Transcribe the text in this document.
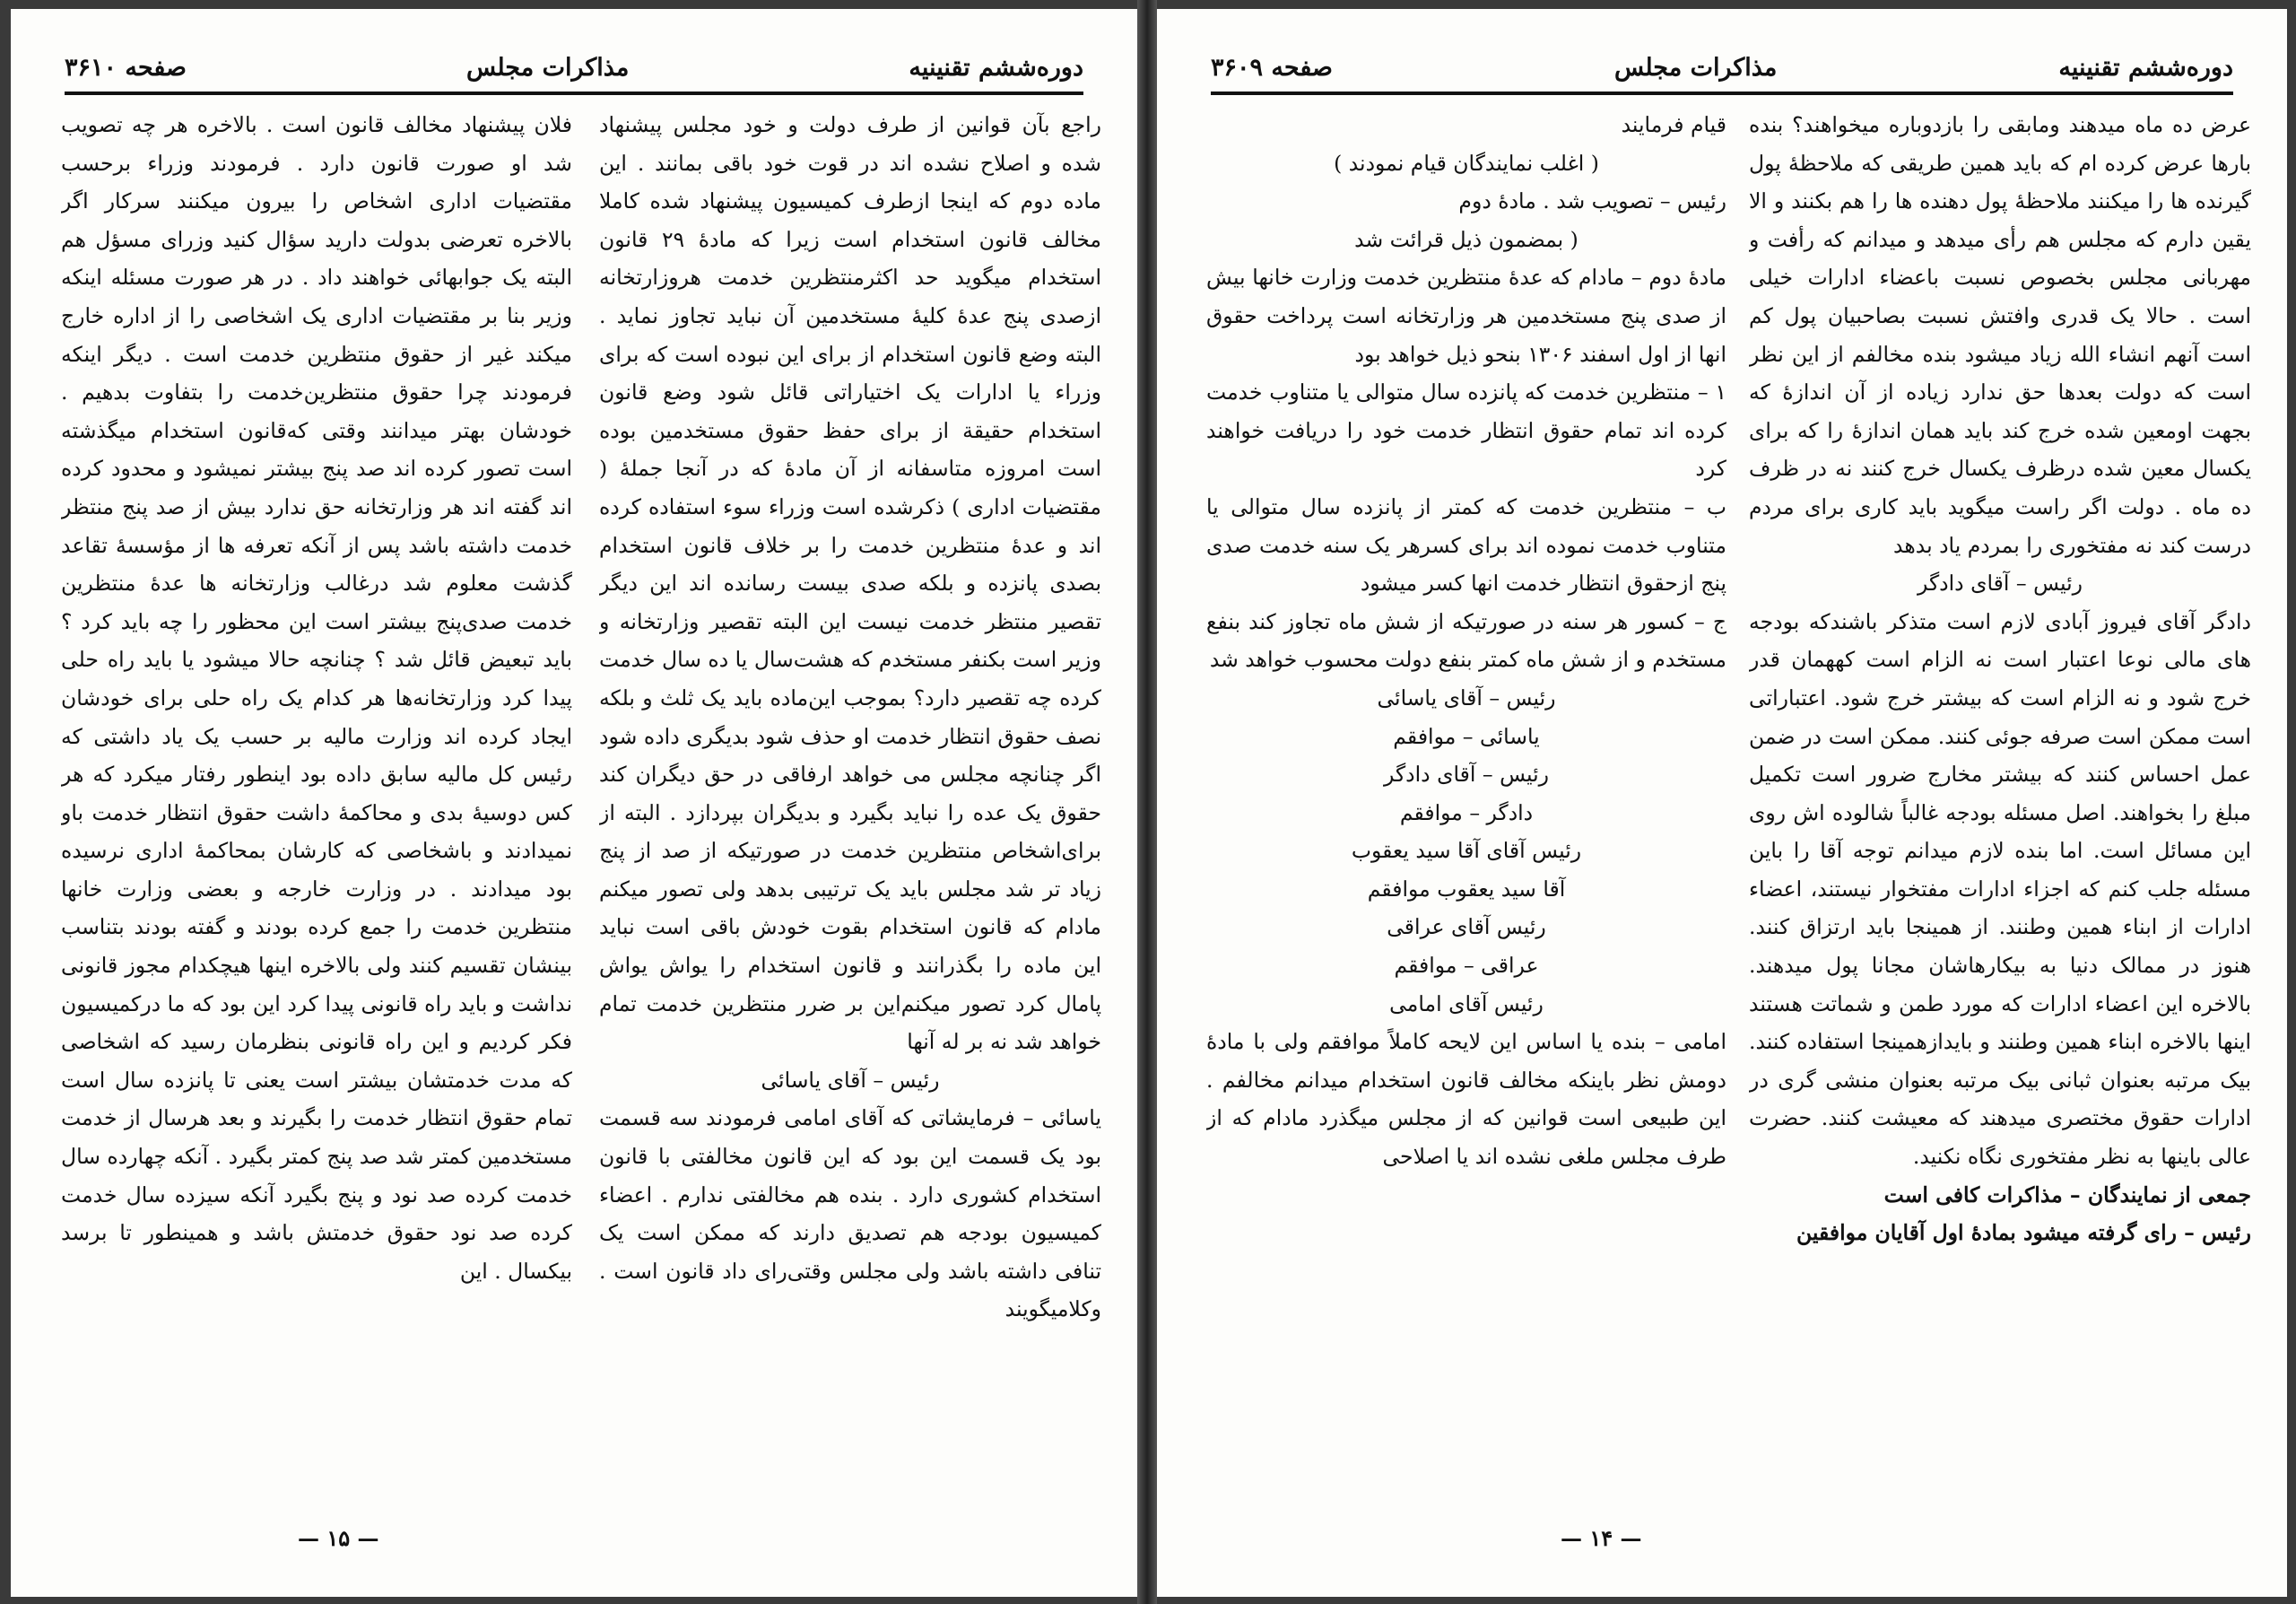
دوره‌ششم تقنینیه
مذاکرات مجلس
صفحه ۳۶۱۰

راجع بآن قوانین از طرف دولت و خود مجلس پیشنهاد شده و اصلاح نشده اند در قوت خود باقی بمانند . این ماده دوم که اینجا ازطرف کمیسیون پیشنهاد شده کاملا مخالف قانون استخدام است زیرا که مادهٔ ۲۹ قانون استخدام میگوید حد اکثرمنتظرین خدمت هروزارتخانه ازصدی پنج عدهٔ کلیهٔ مستخدمین آن نباید تجاوز نماید . البته وضع قانون استخدام از برای این نبوده است که برای وزراء یا ادارات یک اختیاراتی قائل شود وضع قانون استخدام حقیقة از برای حفظ حقوق مستخدمین بوده است امروزه متاسفانه از آن مادهٔ که در آنجا جملهٔ ( مقتضیات اداری ) ذکرشده است وزراء سوء استفاده کرده اند و عدهٔ منتظرین خدمت را بر خلاف قانون استخدام بصدی پانزده و بلکه صدی بیست رسانده اند این دیگر تقصیر منتظر خدمت نیست این البته تقصیر وزارتخانه و وزیر است بکنفر مستخدم که هشت‌سال یا ده سال خدمت کرده چه تقصیر دارد؟ بموجب این‌ماده باید یک ثلث و بلکه نصف حقوق انتظار خدمت او حذف شود بدیگری داده شود اگر چنانچه مجلس می خواهد ارفاقی در حق دیگران کند حقوق یک عده را نباید بگیرد و بدیگران بپردازد . البته از برای‌اشخاص منتظرین خدمت در صورتیکه از صد از پنج زیاد تر شد مجلس باید یک ترتیبی بدهد ولی تصور میکنم مادام که قانون استخدام بقوت خودش باقی است نباید این ماده را بگذرانند و قانون استخدام را یواش یواش پامال کرد تصور میکنم‌این بر ضرر منتظرین خدمت تمام خواهد شد نه بر له آنها

رئیس – آقای یاسائی

یاسائی – فرمایشاتی که آقای امامی فرمودند سه قسمت بود یک قسمت این بود که این قانون مخالفتی با قانون استخدام کشوری دارد . بنده هم مخالفتی ندارم . اعضاء کمیسیون بودجه هم تصدیق دارند که ممکن است یک تنافی داشته باشد ولی مجلس وقتی‌رای داد قانون است . وکلامیگویند

فلان پیشنهاد مخالف قانون است . بالاخره هر چه تصویب شد او صورت قانون دارد . فرمودند وزراء برحسب مقتضیات اداری اشخاص را بیرون میکنند سرکار اگر بالاخره تعرضی بدولت دارید سؤال کنید وزرای مسؤل هم البته یک جوابهائی خواهند داد . در هر صورت مسئله اینکه وزیر بنا بر مقتضیات اداری یک اشخاصی را از اداره خارج میکند غیر از حقوق منتظرین خدمت است . دیگر اینکه فرمودند چرا حقوق منتظرین‌خدمت را بتفاوت بدهیم . خودشان بهتر میدانند وقتی که‌قانون استخدام میگذشته است تصور کرده اند صد پنج بیشتر نمیشود و محدود کرده اند گفته اند هر وزارتخانه حق ندارد بیش از صد پنج منتظر خدمت داشته باشد پس از آنکه تعرفه ها از مؤسسهٔ تقاعد گذشت معلوم شد درغالب وزارتخانه ها عدهٔ منتظرین خدمت صدی‌پنج بیشتر است این محظور را چه باید کرد ؟ باید تبعیض قائل شد ؟ چنانچه حالا میشود یا باید راه حلی پیدا کرد وزارتخانه‌ها هر کدام یک راه حلی برای خودشان ایجاد کرده اند وزارت مالیه بر حسب یک یاد داشتی که رئیس کل مالیه سابق داده بود اینطور رفتار میکرد که هر کس دوسیهٔ بدی و محاکمهٔ داشت حقوق انتظار خدمت باو نمیدادند و باشخاصی که کارشان بمحاکمهٔ اداری نرسیده بود میدادند . در وزارت خارجه و بعضی وزارت خانها منتظرین خدمت را جمع کرده بودند و گفته بودند بتناسب بینشان تقسیم کنند ولی بالاخره اینها هیچکدام مجوز قانونی نداشت و باید راه قانونی پیدا کرد این بود که ما درکمیسیون فکر کردیم و این راه قانونی بنظرمان رسید که اشخاصی که مدت خدمتشان بیشتر است یعنی تا پانزده سال است تمام حقوق انتظار خدمت را بگیرند و بعد هرسال از خدمت مستخدمین کمتر شد صد پنج کمتر بگیرد . آنکه چهارده سال خدمت کرده صد نود و پنج بگیرد آنکه سیزده سال خدمت کرده صد نود حقوق خدمتش باشد و همینطور تا برسد بیکسال . این

— ۱۵ —
دوره‌ششم تقنینیه
مذاکرات مجلس
صفحه ۳۶۰۹

عرض ده ماه میدهند ومابقی را بازدوباره میخواهند؟ بنده بارها عرض کرده ام که باید همین طریقی که ملاحظهٔ پول گیرنده ها را میکنند ملاحظهٔ پول دهنده ها را هم بکنند و الا یقین دارم که مجلس هم رأی میدهد و میدانم که رأفت و مهربانی مجلس بخصوص نسبت باعضاء ادارات خیلی است . حالا یک قدری وافتش نسبت بصاحبیان پول کم است آنهم انشاء الله زیاد میشود بنده مخالفم از این نظر است که دولت بعدها حق ندارد زیاده از آن اندازهٔ که بجهت اومعین شده خرج کند باید همان اندازهٔ را که برای یکسال معین شده درظرف یکسال خرج کنند نه در ظرف ده ماه . دولت اگر راست میگوید باید کاری برای مردم درست کند نه مفتخوری را بمردم یاد بدهد

رئیس – آقای دادگر

دادگر آقای فیروز آبادی لازم است متذکر باشندکه بودجه های مالی نوعا اعتبار است نه الزام است کههمان قدر خرج شود و نه الزام است که بیشتر خرج شود. اعتباراتی است ممکن است صرفه جوئی کنند. ممکن است در ضمن عمل احساس کنند که بیشتر مخارج ضرور است تکمیل مبلغ را بخواهند. اصل مسئله بودجه غالباً شالوده اش روی این مسائل است. اما بنده لازم میدانم توجه آقا را باین مسئله جلب کنم که اجزاء ادارات مفتخوار نیستند، اعضاء ادارات از ابناء همین وطنند. از همینجا باید ارتزاق کنند. هنوز در ممالک دنیا به بیکارهاشان مجانا پول میدهند. بالاخره این اعضاء ادارات که مورد طمن و شماتت هستند اینها بالاخره ابناء همین وطنند و بایدازهمینجا استفاده کنند. بیک مرتبه بعنوان ثبانی بیک مرتبه بعنوان منشی گری در ادارات حقوق مختصری میدهند که معیشت کنند. حضرت عالی باینها به نظر مفتخوری نگاه نکنید.

جمعی از نمایندگان – مذاکرات کافی است

رئیس – رای گرفته میشود بمادهٔ اول آقایان موافقین

قیام فرمایند

( اغلب نمایندگان قیام نمودند )

رئیس – تصویب شد . مادهٔ دوم

( بمضمون ذیل قرائت شد

مادهٔ دوم – مادام که عدهٔ منتظرین خدمت وزارت خانها بیش از صدی پنج مستخدمین هر وزارتخانه است پرداخت حقوق انها از اول اسفند ۱۳۰۶ بنحو ذیل خواهد بود

۱ – منتظرین خدمت که پانزده سال متوالی یا متناوب خدمت کرده اند تمام حقوق انتظار خدمت خود را دریافت خواهند کرد

ب – منتظرین خدمت که کمتر از پانزده سال متوالی یا متناوب خدمت نموده اند برای کسرهر یک سنه خدمت صدی پنج ازحقوق انتظار خدمت انها کسر میشود

ج – کسور هر سنه در صورتیکه از شش ماه تجاوز کند بنفع مستخدم و از شش ماه کمتر بنفع دولت محسوب خواهد شد

رئیس – آقای یاسائی

یاسائی – موافقم

رئیس – آقای دادگر

دادگر – موافقم

رئیس آقای آقا سید یعقوب

آقا سید یعقوب موافقم

رئیس آقای عراقی

عراقی – موافقم

رئیس آقای امامی

امامی – بنده یا اساس این لایحه کاملاً موافقم ولی با مادهٔ دومش نظر باینکه مخالف قانون استخدام میدانم مخالفم . این طبیعی است قوانین که از مجلس میگذرد مادام که از طرف مجلس ملغی نشده اند یا اصلاحی

— ۱۴ —
